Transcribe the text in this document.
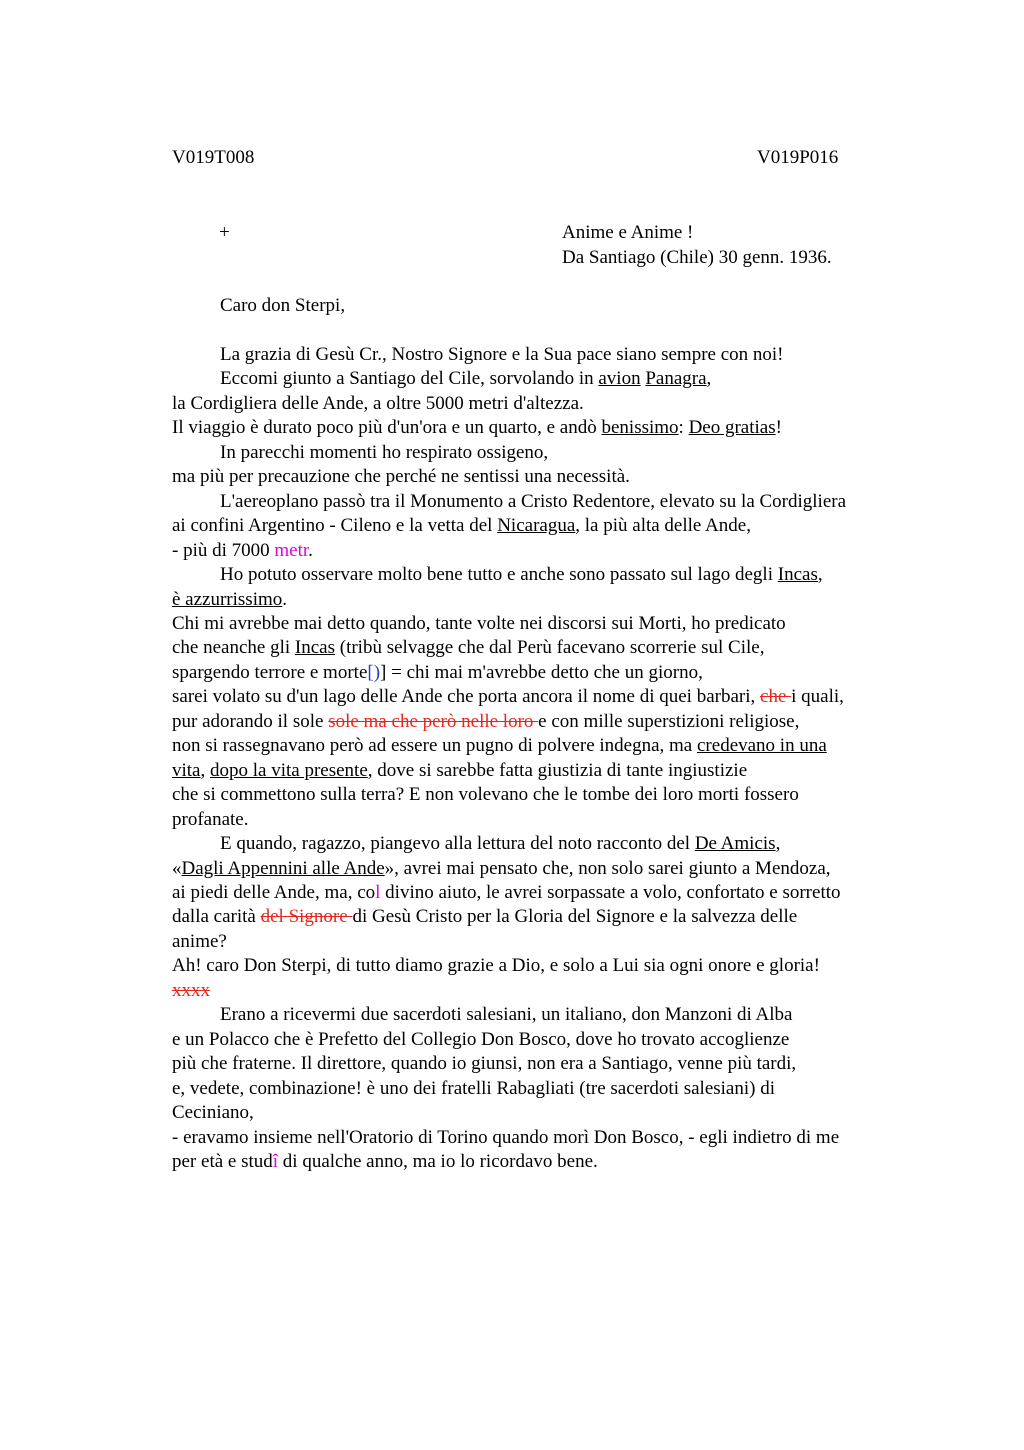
V019T008	V019P016
+	Anime e Anime !
Da Santiago (Chile) 30 genn. 1936.
Caro don Sterpi,
La grazia di Gesù Cr., Nostro Signore e la Sua pace siano sempre con noi!
Eccomi giunto a Santiago del Cile, sorvolando in avion Panagra,
la Cordigliera delle Ande, a oltre 5000 metri d'altezza.
Il viaggio è durato poco più d'un'ora e un quarto, e andò benissimo: Deo gratias!
In parecchi momenti ho respirato ossigeno,
ma più per precauzione che perché ne sentissi una necessità.
L'aereoplano passò tra il Monumento a Cristo Redentore, elevato su la Cordigliera
ai confini Argentino - Cileno e la vetta del Nicaragua, la più alta delle Ande,
- più di 7000 metr.
Ho potuto osservare molto bene tutto e anche sono passato sul lago degli Incas,
è azzurrissimo.
Chi mi avrebbe mai detto quando, tante volte nei discorsi sui Morti, ho predicato
che neanche gli Incas (tribù selvagge che dal Perù facevano scorrerie sul Cile,
spargendo terrore e morte[)] = chi mai m'avrebbe detto che un giorno,
sarei volato su d'un lago delle Ande che porta ancora il nome di quei barbari, che i quali,
pur adorando il sole sole ma che però nelle loro e con mille superstizioni religiose,
non si rassegnavano però ad essere un pugno di polvere indegna, ma credevano in una
vita, dopo la vita presente, dove si sarebbe fatta giustizia di tante ingiustizie
che si commettono sulla terra? E non volevano che le tombe dei loro morti fossero
profanate.
E quando, ragazzo, piangevo alla lettura del noto racconto del De Amicis,
«Dagli Appennini alle Ande», avrei mai pensato che, non solo sarei giunto a Mendoza,
ai piedi delle Ande, ma, col divino aiuto, le avrei sorpassate a volo, confortato e sorretto
dalla carità del Signore di Gesù Cristo per la Gloria del Signore e la salvezza delle
anime?
Ah! caro Don Sterpi, di tutto diamo grazie a Dio, e solo a Lui sia ogni onore e gloria!
xxxx
Erano a ricevermi due sacerdoti salesiani, un italiano, don Manzoni di Alba
e un Polacco che è Prefetto del Collegio Don Bosco, dove ho trovato accoglienze
più che fraterne. Il direttore, quando io giunsi, non era a Santiago, venne più tardi,
e, vedete, combinazione! è uno dei fratelli Rabagliati (tre sacerdoti salesiani) di
Ceciniano,
- eravamo insieme nell'Oratorio di Torino quando morì Don Bosco, - egli indietro di me
per età e studî di qualche anno, ma io lo ricordavo bene.
